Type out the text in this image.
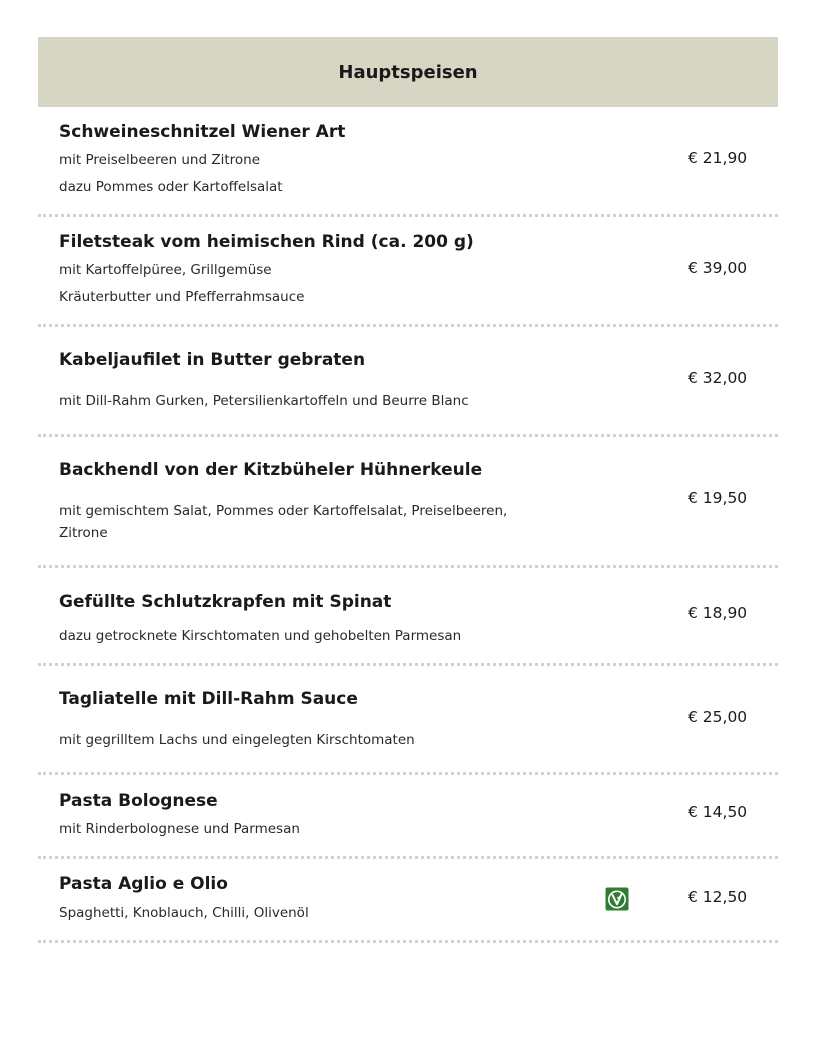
Hauptspeisen
Schweineschnitzel Wiener Art
mit Preiselbeeren und Zitrone
dazu Pommes oder Kartoffelsalat
€ 21,90
Filetsteak vom heimischen Rind (ca. 200 g)
mit Kartoffelpüree, Grillgemüse
Kräuterbutter und Pfefferrahmsauce
€ 39,00
Kabeljaufilet in Butter gebraten
mit Dill-Rahm Gurken, Petersilienkartoffeln und Beurre Blanc
€ 32,00
Backhendl von der Kitzbüheler Hühnerkeule
mit gemischtem Salat, Pommes oder Kartoffelsalat, Preiselbeeren, Zitrone
€ 19,50
Gefüllte Schlutzkrapfen mit Spinat
dazu getrocknete Kirschtomaten und gehobelten Parmesan
€ 18,90
Tagliatelle mit Dill-Rahm Sauce
mit gegrilltem Lachs und eingelegten Kirschtomaten
€ 25,00
Pasta Bolognese
mit Rinderbolognese und Parmesan
€ 14,50
Pasta Aglio e Olio
Spaghetti, Knoblauch, Chilli, Olivenöl
€ 12,50
